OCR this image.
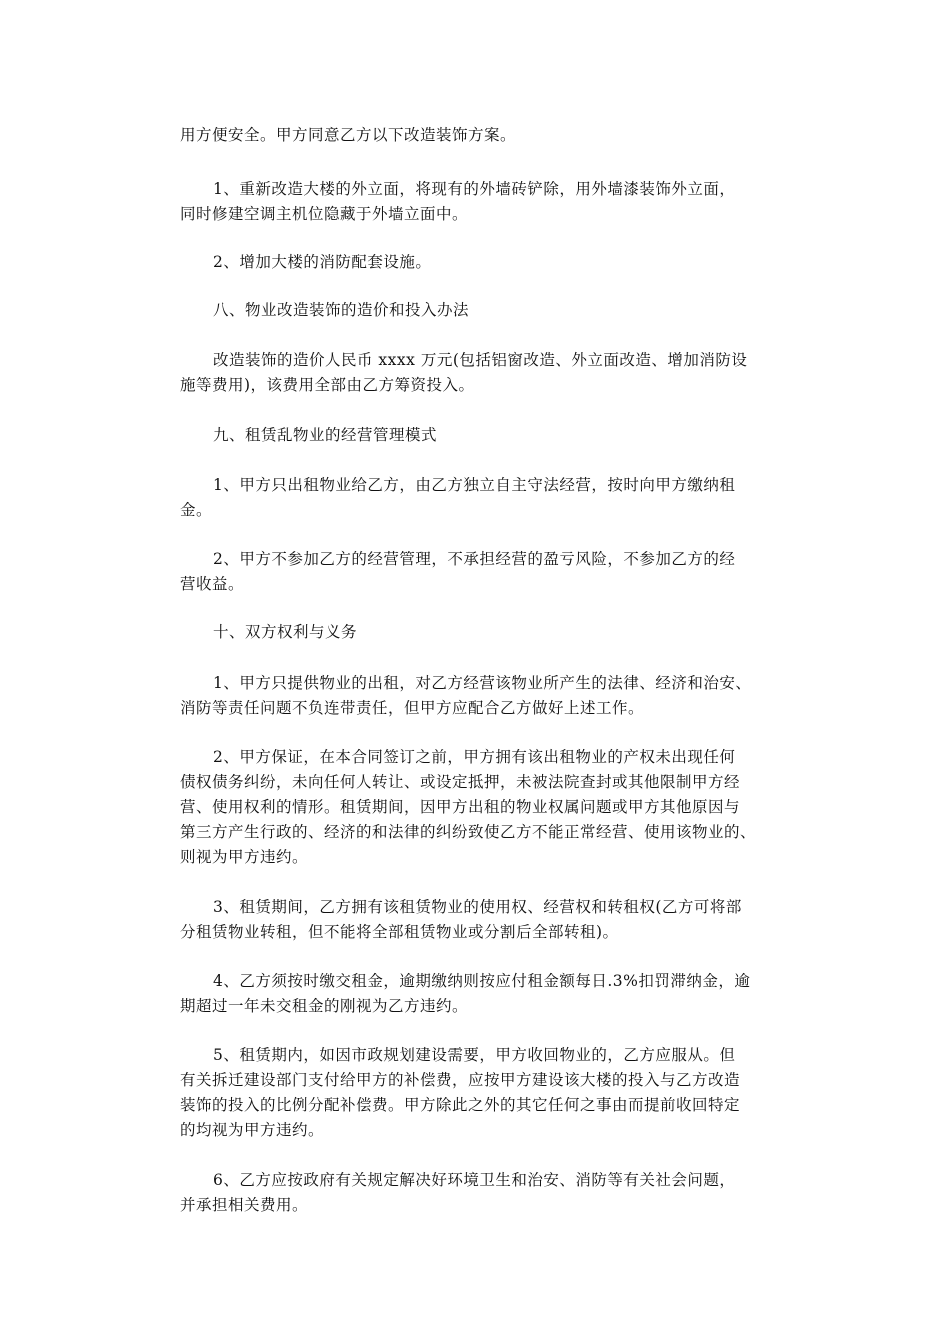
用方便安全。甲方同意乙方以下改造装饰方案。

1、重新改造大楼的外立面，将现有的外墙砖铲除，用外墙漆装饰外立面，
同时修建空调主机位隐藏于外墙立面中。

2、增加大楼的消防配套设施。

八、物业改造装饰的造价和投入办法

改造装饰的造价人民币 xxxx 万元(包括铝窗改造、外立面改造、增加消防设
施等费用)，该费用全部由乙方筹资投入。

九、租赁乱物业的经营管理模式

1、甲方只出租物业给乙方，由乙方独立自主守法经营，按时向甲方缴纳租
金。

2、甲方不参加乙方的经营管理，不承担经营的盈亏风险，不参加乙方的经
营收益。

十、双方权利与义务

1、甲方只提供物业的出租，对乙方经营该物业所产生的法律、经济和治安、
消防等责任问题不负连带责任，但甲方应配合乙方做好上述工作。

2、甲方保证，在本合同签订之前，甲方拥有该出租物业的产权未出现任何
债权债务纠纷，未向任何人转让、或设定抵押，未被法院查封或其他限制甲方经
营、使用权利的情形。租赁期间，因甲方出租的物业权属问题或甲方其他原因与
第三方产生行政的、经济的和法律的纠纷致使乙方不能正常经营、使用该物业的、
则视为甲方违约。

3、租赁期间，乙方拥有该租赁物业的使用权、经营权和转租权(乙方可将部
分租赁物业转租，但不能将全部租赁物业或分割后全部转租)。

4、乙方须按时缴交租金，逾期缴纳则按应付租金额每日.3%扣罚滞纳金，逾
期超过一年未交租金的刚视为乙方违约。

5、租赁期内，如因市政规划建设需要，甲方收回物业的，乙方应服从。但
有关拆迁建设部门支付给甲方的补偿费，应按甲方建设该大楼的投入与乙方改造
装饰的投入的比例分配补偿费。甲方除此之外的其它任何之事由而提前收回特定
的均视为甲方违约。

6、乙方应按政府有关规定解决好环境卫生和治安、消防等有关社会问题，
并承担相关费用。
